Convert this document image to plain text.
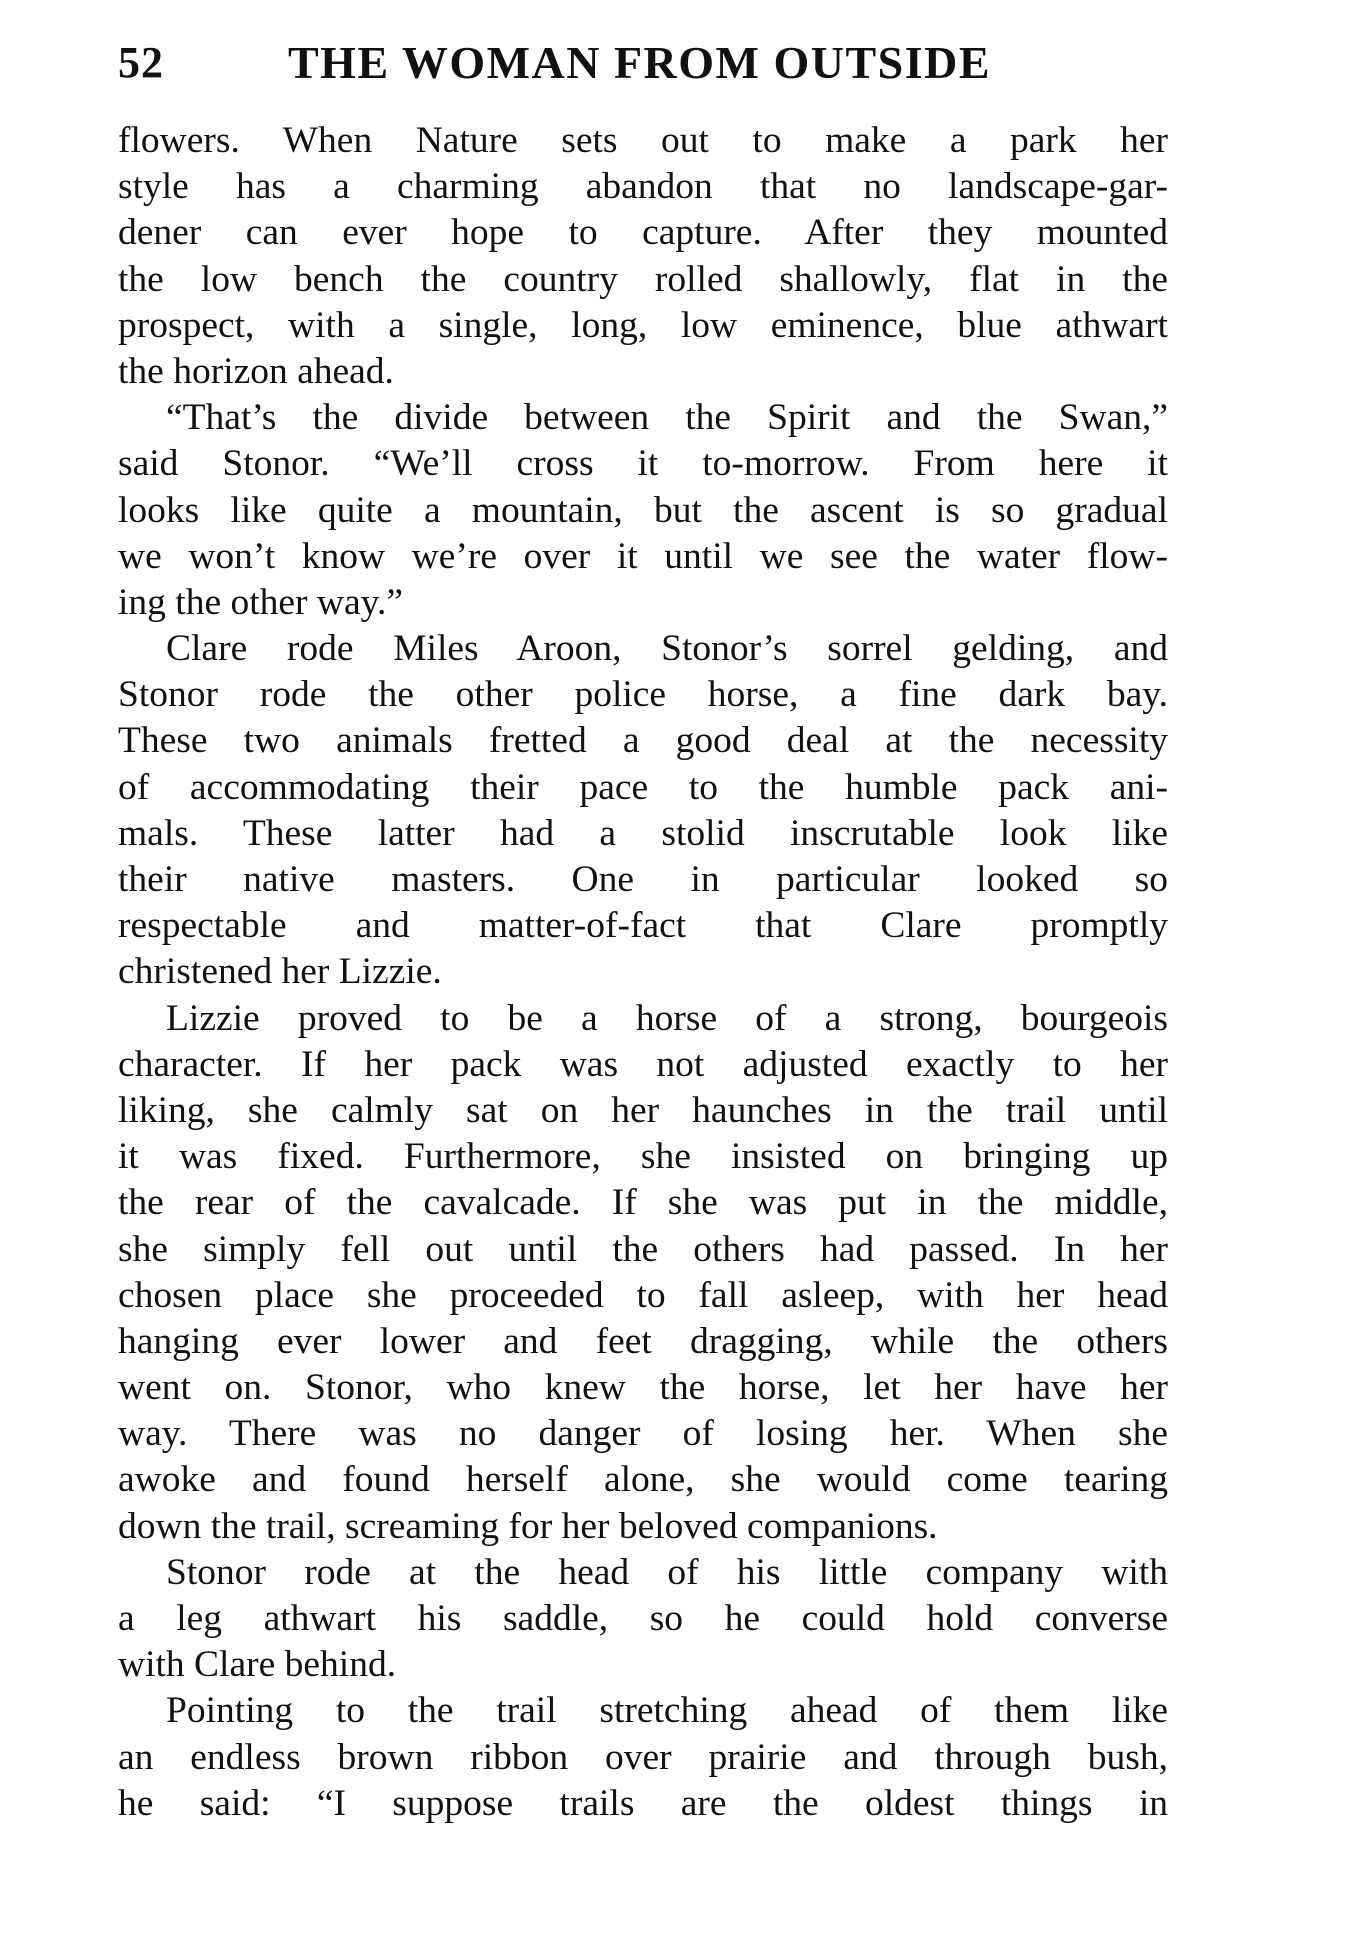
52	THE WOMAN FROM OUTSIDE
flowers. When Nature sets out to make a park her
style has a charming abandon that no landscape-gar-
dener can ever hope to capture. After they mounted
the low bench the country rolled shallowly, flat in the
prospect, with a single, long, low eminence, blue athwart
the horizon ahead.
“That’s the divide between the Spirit and the Swan,”
said Stonor. “We’ll cross it to-morrow. From here it
looks like quite a mountain, but the ascent is so gradual
we won’t know we’re over it until we see the water flow-
ing the other way.”
Clare rode Miles Aroon, Stonor’s sorrel gelding, and
Stonor rode the other police horse, a fine dark bay.
These two animals fretted a good deal at the necessity
of accommodating their pace to the humble pack ani-
mals. These latter had a stolid inscrutable look like
their native masters. One in particular looked so
respectable and matter-of-fact that Clare promptly
christened her Lizzie.
Lizzie proved to be a horse of a strong, bourgeois
character. If her pack was not adjusted exactly to her
liking, she calmly sat on her haunches in the trail until
it was fixed. Furthermore, she insisted on bringing up
the rear of the cavalcade. If she was put in the middle,
she simply fell out until the others had passed. In her
chosen place she proceeded to fall asleep, with her head
hanging ever lower and feet dragging, while the others
went on. Stonor, who knew the horse, let her have her
way. There was no danger of losing her. When she
awoke and found herself alone, she would come tearing
down the trail, screaming for her beloved companions.
Stonor rode at the head of his little company with
a leg athwart his saddle, so he could hold converse
with Clare behind.
Pointing to the trail stretching ahead of them like
an endless brown ribbon over prairie and through bush,
he said: “I suppose trails are the oldest things in
